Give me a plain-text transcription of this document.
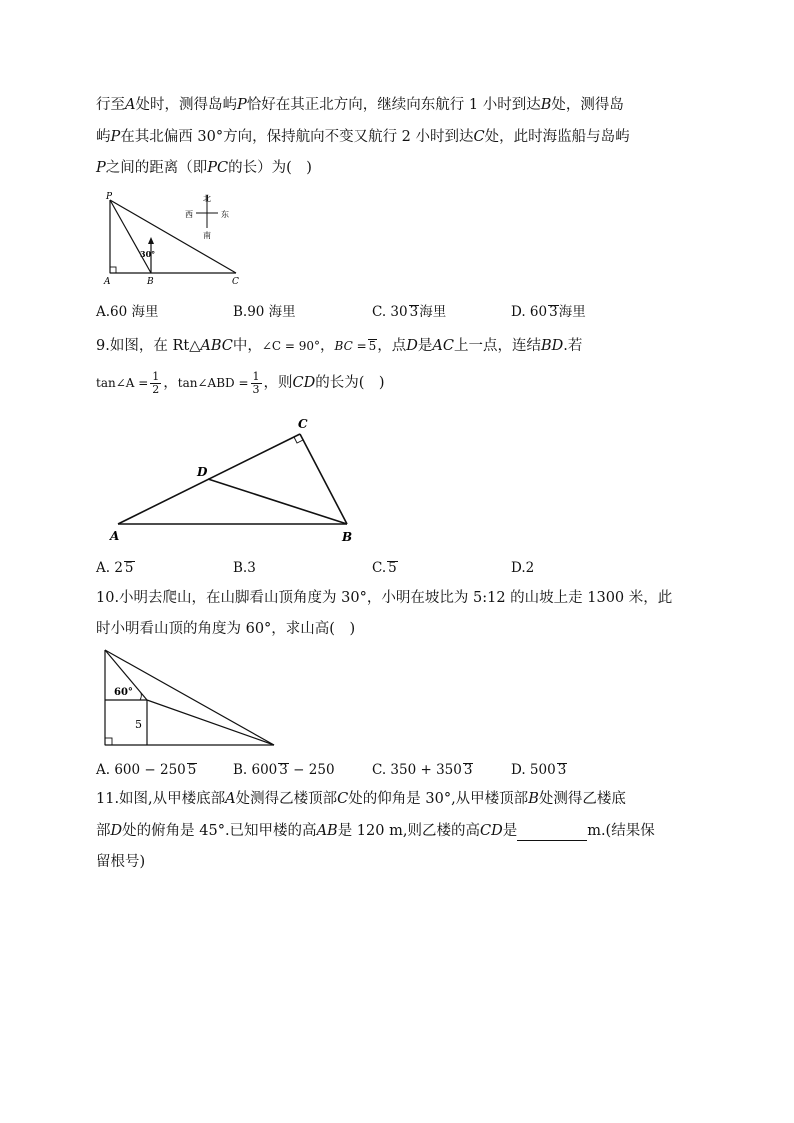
行至A处时，测得岛屿P恰好在其正北方向，继续向东航行 1 小时到达B处，测得岛
屿P在其北偏西 30°方向，保持航向不变又航行 2 小时到达C处，此时海监船与岛屿
P之间的距离（即PC的长）为(　)
P
A	B	C
30°
北
南
西	东
A.60 海里	B.90 海里	C. 30 3海里	D. 60 3海里
9.如图，在 Rt△ABC中，∠C = 90°，BC = 5，点D是AC上一点，连结BD.若
tan∠A = $\frac{1}{2}$ ，tan∠ABD = $\frac{1}{3}$ ，则CD的长为(　)
A	B
C
D
A. 2 5	B.3	C. 5	D.2
10.小明去爬山，在山脚看山顶角度为 30°，小明在坡比为 5:12 的山坡上走 1300 米，此
时小明看山顶的角度为 60°，求山高(　)
60°
5
A. 600 − 250 5	B. 600 3 − 250	C. 350 + 350 3	D. 500 3
11.如图,从甲楼底部A处测得乙楼顶部C处的仰角是 30°,从甲楼顶部B处测得乙楼底
部D处的俯角是 45°.已知甲楼的高AB是 120 m,则乙楼的高CD是	m.(结果保
留根号)
